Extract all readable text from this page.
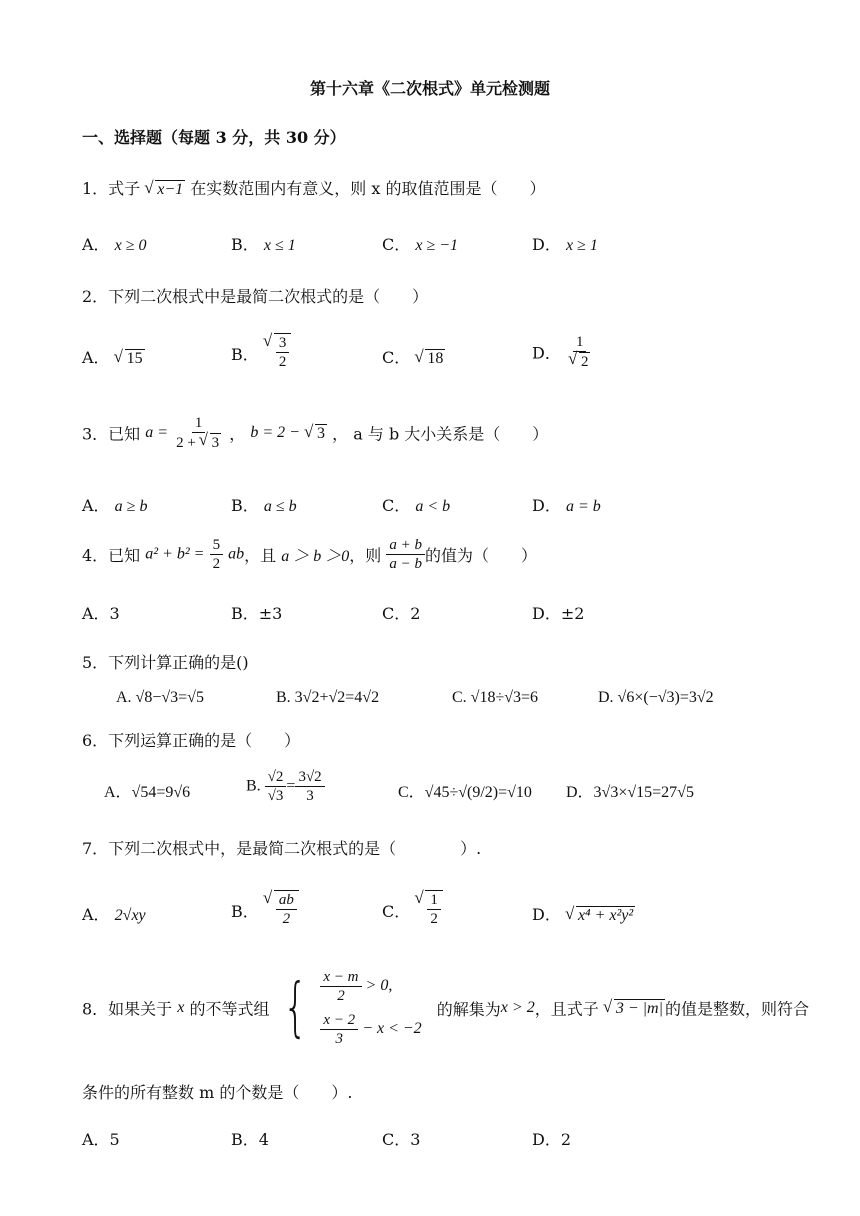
第十六章《二次根式》单元检测题
一、选择题（每题 3 分，共 30 分）
1．式子 √ x−1 在实数范围内有意义，则 x 的取值范围是（　　）
A． x ≥ 0	B． x ≤ 1	C． x ≥ −1	D． x ≥ 1
2．下列二次根式中是最简二次根式的是（　　）
A． √ 15	B． √ $\frac{3}{2}$	C． √ 18	D． 1
√ 2
3．已知 $a = \frac{1}{2 + √ 3}$ ， b = 2 − √ 3 ， a 与 b 大小关系是（　　）
A． a ≥ b	B． a ≤ b	C． a < b	D． a = b
4．已知 $a^2 + b^2 = \frac{5}{2}$ ab，且 a ＞ b ＞0，则 $\frac{a + b}{a - b}$ 的值为（　　）
A．3	B．±3	C．2	D．±2
5．下列计算正确的是()
A. √8−√3=√5	B. 3√2+√2=4√2	C. √18÷√3=6	D. √6×(−√3)=3√2
6．下列运算正确的是（　　）
A．√54=9√6	B. $\frac{√2}{√3} = \frac{3√2}{3}$	C．√45÷√(9/2)=√10 D．3√3×√15=27√5
7．下列二次根式中，是最简二次根式的是（　　　　）.
A． 2√xy	B． √ $\frac{ab}{2}$	C． √ $\frac{1}{2}$	D． √ x⁴ + x²y²
8．如果关于 x 的不等式组 { $\frac{x - m}{2} > 0$,
$\frac{x - 2}{3} - x < -2$
的解集为x > 2，且式子 √ 3 − |m| 的值是整数，则符合
条件的所有整数 m 的个数是（　　）.
A．5	B．4	C．3	D．2
